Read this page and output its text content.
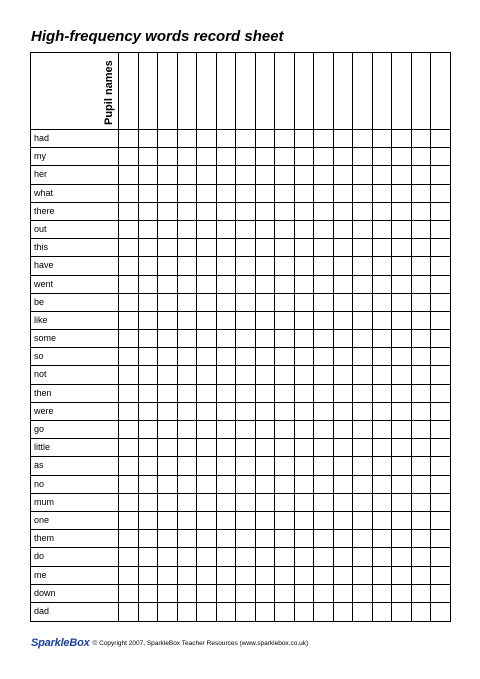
High-frequency words record sheet
Pupil names
had
my
her
what
there
out
this
have
went
be
like
some
so
not
then
were
go
little
as
no
mum
one
them
do
me
down
dad
SparkleBox © Copyright 2007, SparkleBox Teacher Resources (www.sparklebox.co.uk)
